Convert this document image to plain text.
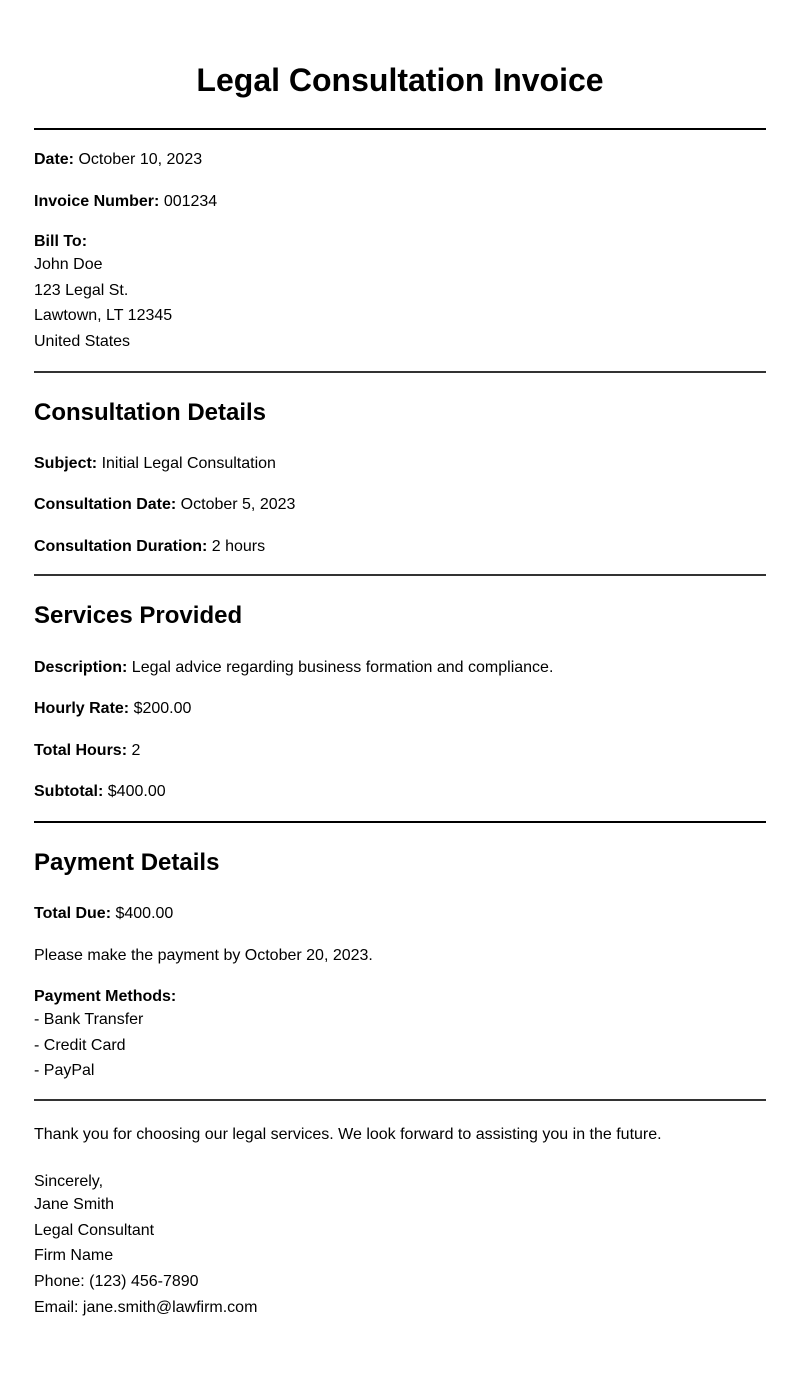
Legal Consultation Invoice

Date: October 10, 2023

Invoice Number: 001234

Bill To:
John Doe
123 Legal St.
Lawtown, LT 12345
United States
Consultation Details

Subject: Initial Legal Consultation

Consultation Date: October 5, 2023

Consultation Duration: 2 hours

Services Provided

Description: Legal advice regarding business formation and compliance.

Hourly Rate: $200.00

Total Hours: 2

Subtotal: $400.00

Payment Details

Total Due: $400.00

Please make the payment by October 20, 2023.

Payment Methods:
- Bank Transfer
- Credit Card
- PayPal

Thank you for choosing our legal services. We look forward to assisting you in the future.

Sincerely,
Jane Smith
Legal Consultant
Firm Name
Phone: (123) 456-7890
Email: jane.smith@lawfirm.com
